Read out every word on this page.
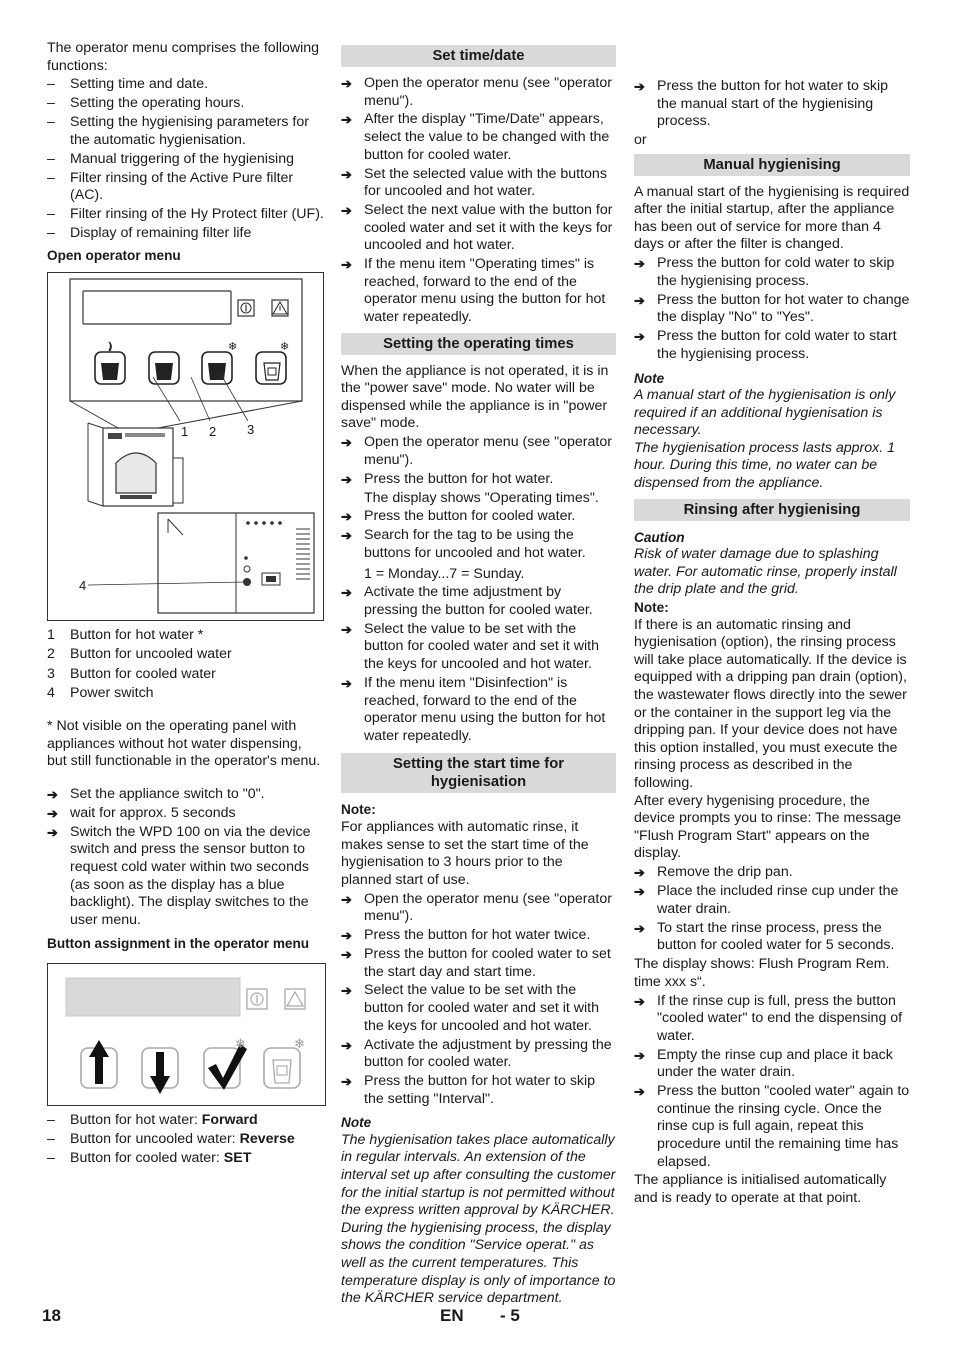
The operator menu comprises the following functions:

– Setting time and date.
– Setting the operating hours.
– Setting the hygienising parameters for the automatic hygienisation.
– Manual triggering of the hygienising
– Filter rinsing of the Active Pure filter (AC).
– Filter rinsing of the Hy Protect filter (UF).
– Display of remaining filter life
Open operator menu
❄	❄
1 2 3
4
1 Button for hot water *
2 Button for uncooled water
3 Button for cooled water
4 Power switch

* Not visible on the operating panel with appliances without hot water dispensing, but still functionable in the operator's menu.

➔ Set the appliance switch to "0".
➔ wait for approx. 5 seconds
➔ Switch the WPD 100 on via the device switch and press the sensor button to request cold water within two seconds (as soon as the display has a blue backlight). The display switches to the user menu.
Button assignment in the operator menu
❄	❄
– Button for hot water: Forward
– Button for uncooled water: Reverse
– Button for cooled water: SET
Set time/date
➔ Open the operator menu (see "operator menu").
➔ After the display "Time/Date" appears, select the value to be changed with the button for cooled water.
➔ Set the selected value with the buttons for uncooled and hot water.
➔ Select the next value with the button for cooled water and set it with the keys for uncooled and hot water.
➔ If the menu item "Operating times" is reached, forward to the end of the operator menu using the button for hot water repeatedly.
Setting the operating times

When the appliance is not operated, it is in the "power save" mode. No water will be dispensed while the appliance is in "power save" mode.

➔ Open the operator menu (see "operator menu").
➔ Press the button for hot water.

The display shows "Operating times".

➔ Press the button for cooled water.
➔ Search for the tag to be using the buttons for uncooled and hot water.

1 = Monday...7 = Sunday.

➔ Activate the time adjustment by pressing the button for cooled water.
➔ Select the value to be set with the button for cooled water and set it with the keys for uncooled and hot water.
➔ If the menu item "Disinfection" is reached, forward to the end of the operator menu using the button for hot water repeatedly.
Setting the start time for hygienisation
Note:

For appliances with automatic rinse, it makes sense to set the start time of the hygienisation to 3 hours prior to the planned start of use.

➔ Open the operator menu (see "operator menu").
➔ Press the button for hot water twice.
➔ Press the button for cooled water to set the start day and start time.
➔ Select the value to be set with the button for cooled water and set it with the keys for uncooled and hot water.
➔ Activate the adjustment by pressing the button for cooled water.
➔ Press the button for hot water to skip the setting "Interval".
Note

The hygienisation takes place automatically in regular intervals. An extension of the interval set up after consulting the customer for the initial startup is not permitted without the express written approval by KÄRCHER.

During the hygienising process, the display shows the condition "Service operat." as well as the current temperatures. This temperature display is only of importance to the KÄRCHER service department.

➔ Press the button for hot water to skip the manual start of the hygienising process.

or

Manual hygienising

A manual start of the hygienising is required after the initial startup, after the appliance has been out of service for more than 4 days or after the filter is changed.

➔ Press the button for cold water to skip the hygienising process.
➔ Press the button for hot water to change the display "No" to "Yes".
➔ Press the button for cold water to start the hygienising process.
Note

A manual start of the hygienisation is only required if an additional hygienisation is necessary.

The hygienisation process lasts approx. 1 hour. During this time, no water can be dispensed from the appliance.

Rinsing after hygienising
Caution

Risk of water damage due to splashing water. For automatic rinse, properly install the drip plate and the grid.

Note:

If there is an automatic rinsing and hygienisation (option), the rinsing process will take place automatically. If the device is equipped with a dripping pan drain (option), the wastewater flows directly into the sewer or the container in the support leg via the dripping pan. If your device does not have this option installed, you must execute the rinsing process as described in the following.

After every hygenising procedure, the device prompts you to rinse: The message "Flush Program Start" appears on the display.

➔ Remove the drip pan.
➔ Place the included rinse cup under the water drain.
➔ To start the rinse process, press the button for cooled water for 5 seconds.

The display shows: Flush Program Rem. time xxx s“.

➔ If the rinse cup is full, press the button "cooled water" to end the dispensing of water.
➔ Empty the rinse cup and place it back under the water drain.
➔ Press the button "cooled water" again to continue the rinsing cycle. Once the rinse cup is full again, repeat this procedure until the remaining time has elapsed.

The appliance is initialised automatically and is ready to operate at that point.

18	EN - 5
